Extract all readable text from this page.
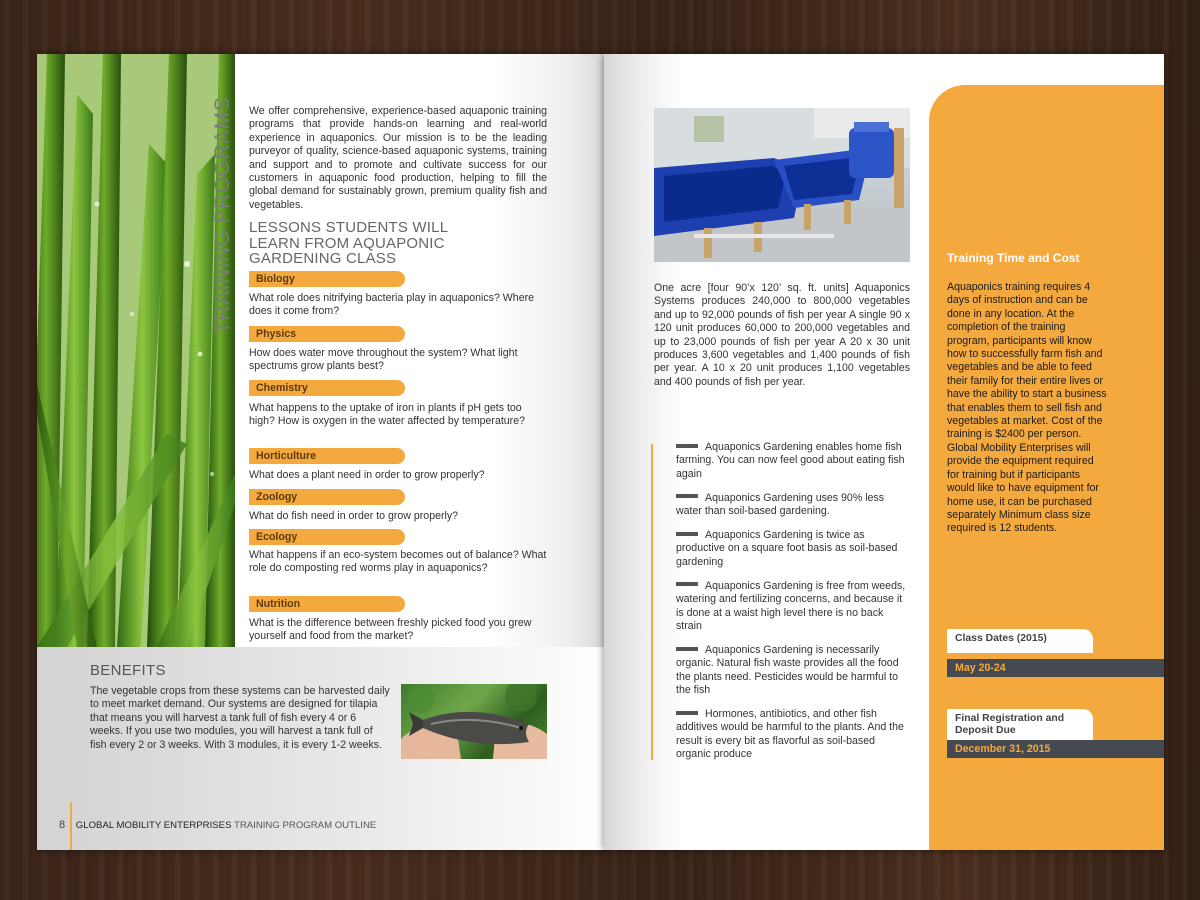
TRAINING PROGRAMS We offer comprehensive, experience-based aquaponic training programs that provide hands-on learning and real-world experience in aquaponics. Our mission is to be the leading purveyor of quality, science-based aquaponic systems, training and support and to promote and cultivate success for our customers in aquaponic food production, helping to fill the global demand for sustainably grown, premium quality fish and vegetables.
LESSONS STUDENTS WILL LEARN FROM AQUAPONIC GARDENING CLASS
Biology
What role does nitrifying bacteria play in aquaponics? Where does it come from?
Physics
How does water move throughout the system? What light spectrums grow plants best?
Chemistry
What happens to the uptake of iron in plants if pH gets too high? How is oxygen in the water affected by temperature?
Horticulture
What does a plant need in order to grow properly?
Zoology
What do fish need in order to grow properly?
Ecology
What happens if an eco-system becomes out of balance? What role do composting red worms play in aquaponics?
Nutrition
What is the difference between freshly picked food you grew yourself and food from the market?
BENEFITS
The vegetable crops from these systems can be harvested daily to meet market demand. Our systems are designed for tilapia that means you will harvest a tank full of fish every 4 or 6 weeks. If you use two modules, you will harvest a tank full of fish every 2 or 3 weeks. With 3 modules, it is every 1-2 weeks.
8 GLOBAL MOBILITY ENTERPRISES TRAINING PROGRAM OUTLINE
One acre [four 90’x 120’ sq. ft. units] Aquaponics Systems produces 240,000 to 800,000 vegetables and up to 92,000 pounds of fish per year A single 90 x 120 unit produces 60,000 to 200,000 vegetables and up to 23,000 pounds of fish per year A 20 x 30 unit produces 3,600 vegetables and 1,400 pounds of fish per year. A 10 x 20 unit produces 1,100 vegetables and 400 pounds of fish per year.
Aquaponics Gardening enables home fish farming. You can now feel good about eating fish again
Aquaponics Gardening uses 90% less water than soil-based gardening.
Aquaponics Gardening is twice as productive on a square foot basis as soil-based gardening
Aquaponics Gardening is free from weeds, watering and fertilizing concerns, and because it is done at a waist high level there is no back strain
Aquaponics Gardening is necessarily organic. Natural fish waste provides all the food the plants need. Pesticides would be harmful to the fish
Hormones, antibiotics, and other fish additives would be harmful to the plants. And the result is every bit as flavorful as soil-based organic produce
Training Time and Cost
Aquaponics training requires 4 days of instruction and can be done in any location. At the completion of the training program, participants will know how to successfully farm fish and vegetables and be able to feed their family for their entire lives or have the ability to start a business that enables them to sell fish and vegetables at market. Cost of the training is $2400 per person. Global Mobility Enterprises will provide the equipment required for training but if participants would like to have equipment for home use, it can be purchased separately Minimum class size required is 12 students.
Class Dates (2015)
May 20-24
Final Registration and Deposit Due
December 31, 2015
